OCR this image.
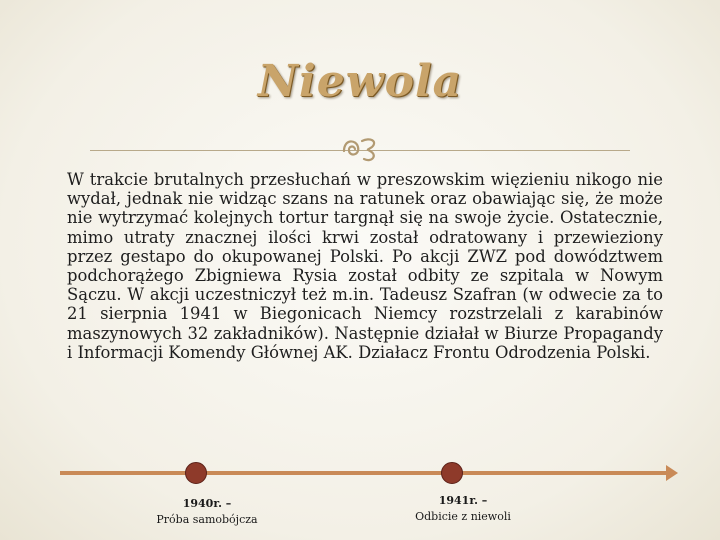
Niewola

W trakcie brutalnych przesłuchań w preszowskim więzieniu nikogo nie wydał, jednak nie widząc szans na ratunek oraz obawiając się, że może nie wytrzymać kolejnych tortur targnął się na swoje życie. Ostatecznie, mimo utraty znacznej ilości krwi został odratowany i przewieziony przez gestapo do okupowanej Polski. Po akcji ZWZ pod dowództwem podchorążego Zbigniewa Rysia został odbity ze szpitala w Nowym Sączu. W akcji uczestniczył też m.in. Tadeusz Szafran (w odwecie za to 21 sierpnia 1941 w Biegonicach Niemcy rozstrzelali z karabinów maszynowych 32 zakładników). Następnie działał w Biurze Propagandy i Informacji Komendy Głównej AK. Działacz Frontu Odrodzenia Polski.

1940r. –
Próba samobójcza
1941r. –
Odbicie z niewoli
